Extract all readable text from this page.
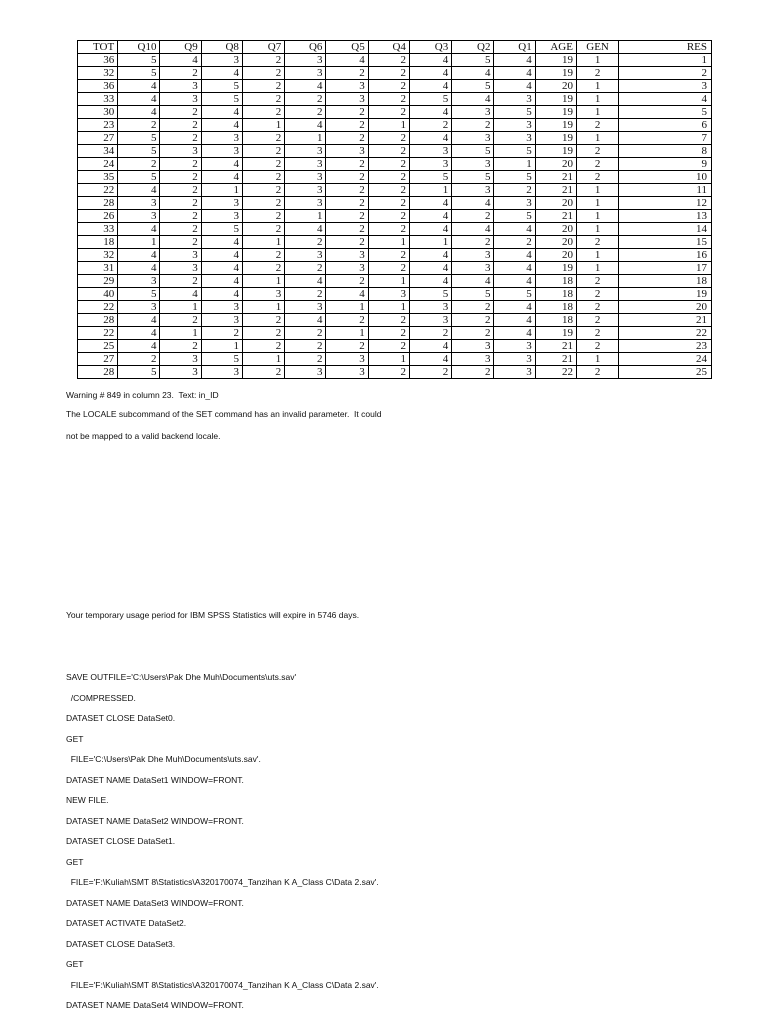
TOT	Q10	Q9	Q8	Q7	Q6	Q5	Q4	Q3	Q2	Q1	AGE	GEN	RES
36	5	4	3	2	3	4	2	4	5	4	19	1	1
32	5	2	4	2	3	2	2	4	4	4	19	2	2
36	4	3	5	2	4	3	2	4	5	4	20	1	3
33	4	3	5	2	2	3	2	5	4	3	19	1	4
30	4	2	4	2	2	2	2	4	3	5	19	1	5
23	2	2	4	1	4	2	1	2	2	3	19	2	6
27	5	2	3	2	1	2	2	4	3	3	19	1	7
34	5	3	3	2	3	3	2	3	5	5	19	2	8
24	2	2	4	2	3	2	2	3	3	1	20	2	9
35	5	2	4	2	3	2	2	5	5	5	21	2	10
22	4	2	1	2	3	2	2	1	3	2	21	1	11
28	3	2	3	2	3	2	2	4	4	3	20	1	12
26	3	2	3	2	1	2	2	4	2	5	21	1	13
33	4	2	5	2	4	2	2	4	4	4	20	1	14
18	1	2	4	1	2	2	1	1	2	2	20	2	15
32	4	3	4	2	3	3	2	4	3	4	20	1	16
31	4	3	4	2	2	3	2	4	3	4	19	1	17
29	3	2	4	1	4	2	1	4	4	4	18	2	18
40	5	4	4	3	2	4	3	5	5	5	18	2	19
22	3	1	3	1	3	1	1	3	2	4	18	2	20
28	4	2	3	2	4	2	2	3	2	4	18	2	21
22	4	1	2	2	2	1	2	2	2	4	19	2	22
25	4	2	1	2	2	2	2	4	3	3	21	2	23
27	2	3	5	1	2	3	1	4	3	3	21	1	24
28	5	3	3	2	3	3	2	2	2	3	22	2	25

Warning # 849 in column 23.  Text: in_ID

The LOCALE subcommand of the SET command has an invalid parameter.  It could

not be mapped to a valid backend locale.

Your temporary usage period for IBM SPSS Statistics will expire in 5746 days.

SAVE OUTFILE='C:\Users\Pak Dhe Muh\Documents\uts.sav'

/COMPRESSED.

DATASET CLOSE DataSet0.

GET

FILE='C:\Users\Pak Dhe Muh\Documents\uts.sav'.

DATASET NAME DataSet1 WINDOW=FRONT.

NEW FILE.

DATASET NAME DataSet2 WINDOW=FRONT.

DATASET CLOSE DataSet1.

GET

FILE='F:\Kuliah\SMT 8\Statistics\A320170074_Tanzihan K A_Class C\Data 2.sav'.

DATASET NAME DataSet3 WINDOW=FRONT.

DATASET ACTIVATE DataSet2.

DATASET CLOSE DataSet3.

GET

FILE='F:\Kuliah\SMT 8\Statistics\A320170074_Tanzihan K A_Class C\Data 2.sav'.

DATASET NAME DataSet4 WINDOW=FRONT.
